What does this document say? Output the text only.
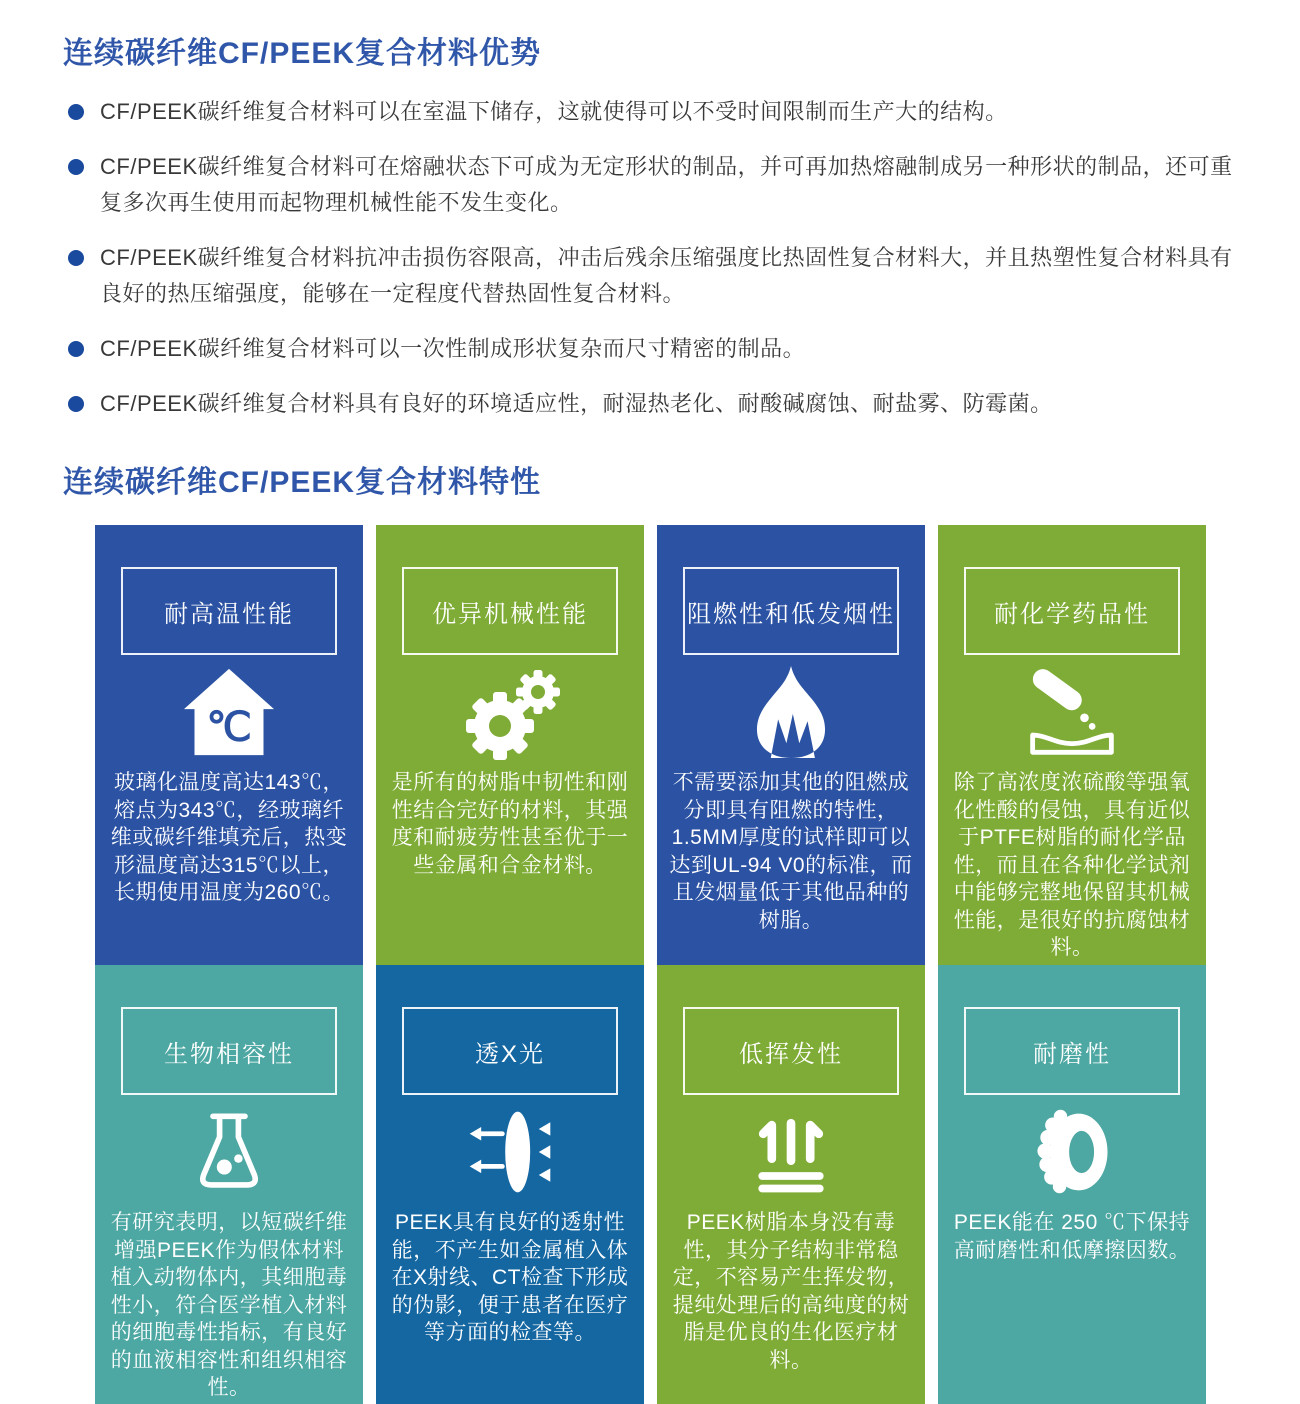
连续碳纤维CF/PEEK复合材料优势
CF/PEEK碳纤维复合材料可以在室温下储存，这就使得可以不受时间限制而生产大的结构。
CF/PEEK碳纤维复合材料可在熔融状态下可成为无定形状的制品，并可再加热熔融制成另一种形状的制品，还可重复多次再生使用而起物理机械性能不发生变化。
CF/PEEK碳纤维复合材料抗冲击损伤容限高，冲击后残余压缩强度比热固性复合材料大，并且热塑性复合材料具有良好的热压缩强度，能够在一定程度代替热固性复合材料。
CF/PEEK碳纤维复合材料可以一次性制成形状复杂而尺寸精密的制品。
CF/PEEK碳纤维复合材料具有良好的环境适应性，耐湿热老化、耐酸碱腐蚀、耐盐雾、防霉菌。
连续碳纤维CF/PEEK复合材料特性
耐高温性能
℃
玻璃化温度高达143℃，熔点为343℃，经玻璃纤维或碳纤维填充后，热变形温度高达315℃以上，长期使用温度为260℃。
优异机械性能
是所有的树脂中韧性和刚性结合完好的材料，其强度和耐疲劳性甚至优于一些金属和合金材料。
阻燃性和低发烟性
不需要添加其他的阻燃成分即具有阻燃的特性，1.5MM厚度的试样即可以达到UL-94 V0的标准，而且发烟量低于其他品种的树脂。
耐化学药品性
除了高浓度浓硫酸等强氧化性酸的侵蚀，具有近似于PTFE树脂的耐化学品性，而且在各种化学试剂中能够完整地保留其机械性能，是很好的抗腐蚀材料。
生物相容性
有研究表明，以短碳纤维增强PEEK作为假体材料植入动物体内，其细胞毒性小，符合医学植入材料的细胞毒性指标，有良好的血液相容性和组织相容性。
透X光
PEEK具有良好的透射性能，不产生如金属植入体在X射线、CT检查下形成的伪影，便于患者在医疗等方面的检查等。
低挥发性
PEEK树脂本身没有毒性，其分子结构非常稳定，不容易产生挥发物，提纯处理后的高纯度的树脂是优良的生化医疗材料。
耐磨性
PEEK能在 250 ℃下保持高耐磨性和低摩擦因数。
